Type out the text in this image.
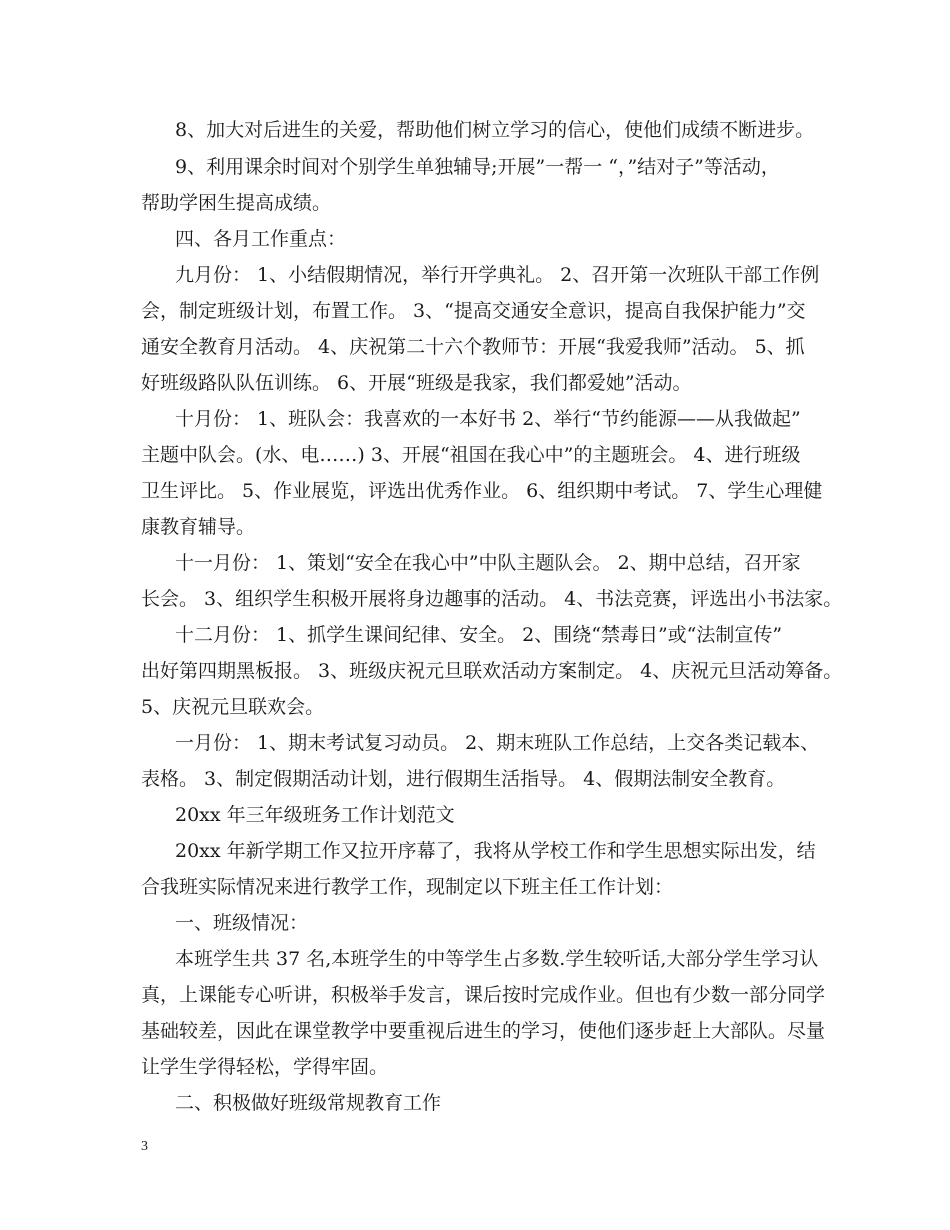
8、加大对后进生的关爱，帮助他们树立学习的信心，使他们成绩不断进步。
9、利用课余时间对个别学生单独辅导;开展”一帮一 “，”结对子”等活动，
帮助学困生提高成绩。
四、各月工作重点：
九月份： 1、小结假期情况，举行开学典礼。 2、召开第一次班队干部工作例
会，制定班级计划，布置工作。 3、“提高交通安全意识，提高自我保护能力”交
通安全教育月活动。 4、庆祝第二十六个教师节：开展“我爱我师”活动。 5、抓
好班级路队队伍训练。 6、开展“班级是我家，我们都爱她”活动。
十月份： 1、班队会：我喜欢的一本好书 2、举行“节约能源——从我做起”
主题中队会。(水、电……) 3、开展“祖国在我心中”的主题班会。 4、进行班级
卫生评比。 5、作业展览，评选出优秀作业。 6、组织期中考试。 7、学生心理健
康教育辅导。
十一月份： 1、策划“安全在我心中”中队主题队会。 2、期中总结，召开家
长会。 3、组织学生积极开展将身边趣事的活动。 4、书法竞赛，评选出小书法家。
十二月份： 1、抓学生课间纪律、安全。 2、围绕“禁毒日”或“法制宣传”
出好第四期黑板报。 3、班级庆祝元旦联欢活动方案制定。 4、庆祝元旦活动筹备。
5、庆祝元旦联欢会。
一月份： 1、期末考试复习动员。 2、期末班队工作总结，上交各类记载本、
表格。 3、制定假期活动计划，进行假期生活指导。 4、假期法制安全教育。
20xx 年三年级班务工作计划范文
20xx 年新学期工作又拉开序幕了，我将从学校工作和学生思想实际出发，结
合我班实际情况来进行教学工作，现制定以下班主任工作计划：
一、班级情况：
本班学生共 37 名,本班学生的中等学生占多数.学生较听话,大部分学生学习认
真，上课能专心听讲，积极举手发言，课后按时完成作业。但也有少数一部分同学
基础较差，因此在课堂教学中要重视后进生的学习，使他们逐步赶上大部队。尽量
让学生学得轻松，学得牢固。
二、积极做好班级常规教育工作
3
